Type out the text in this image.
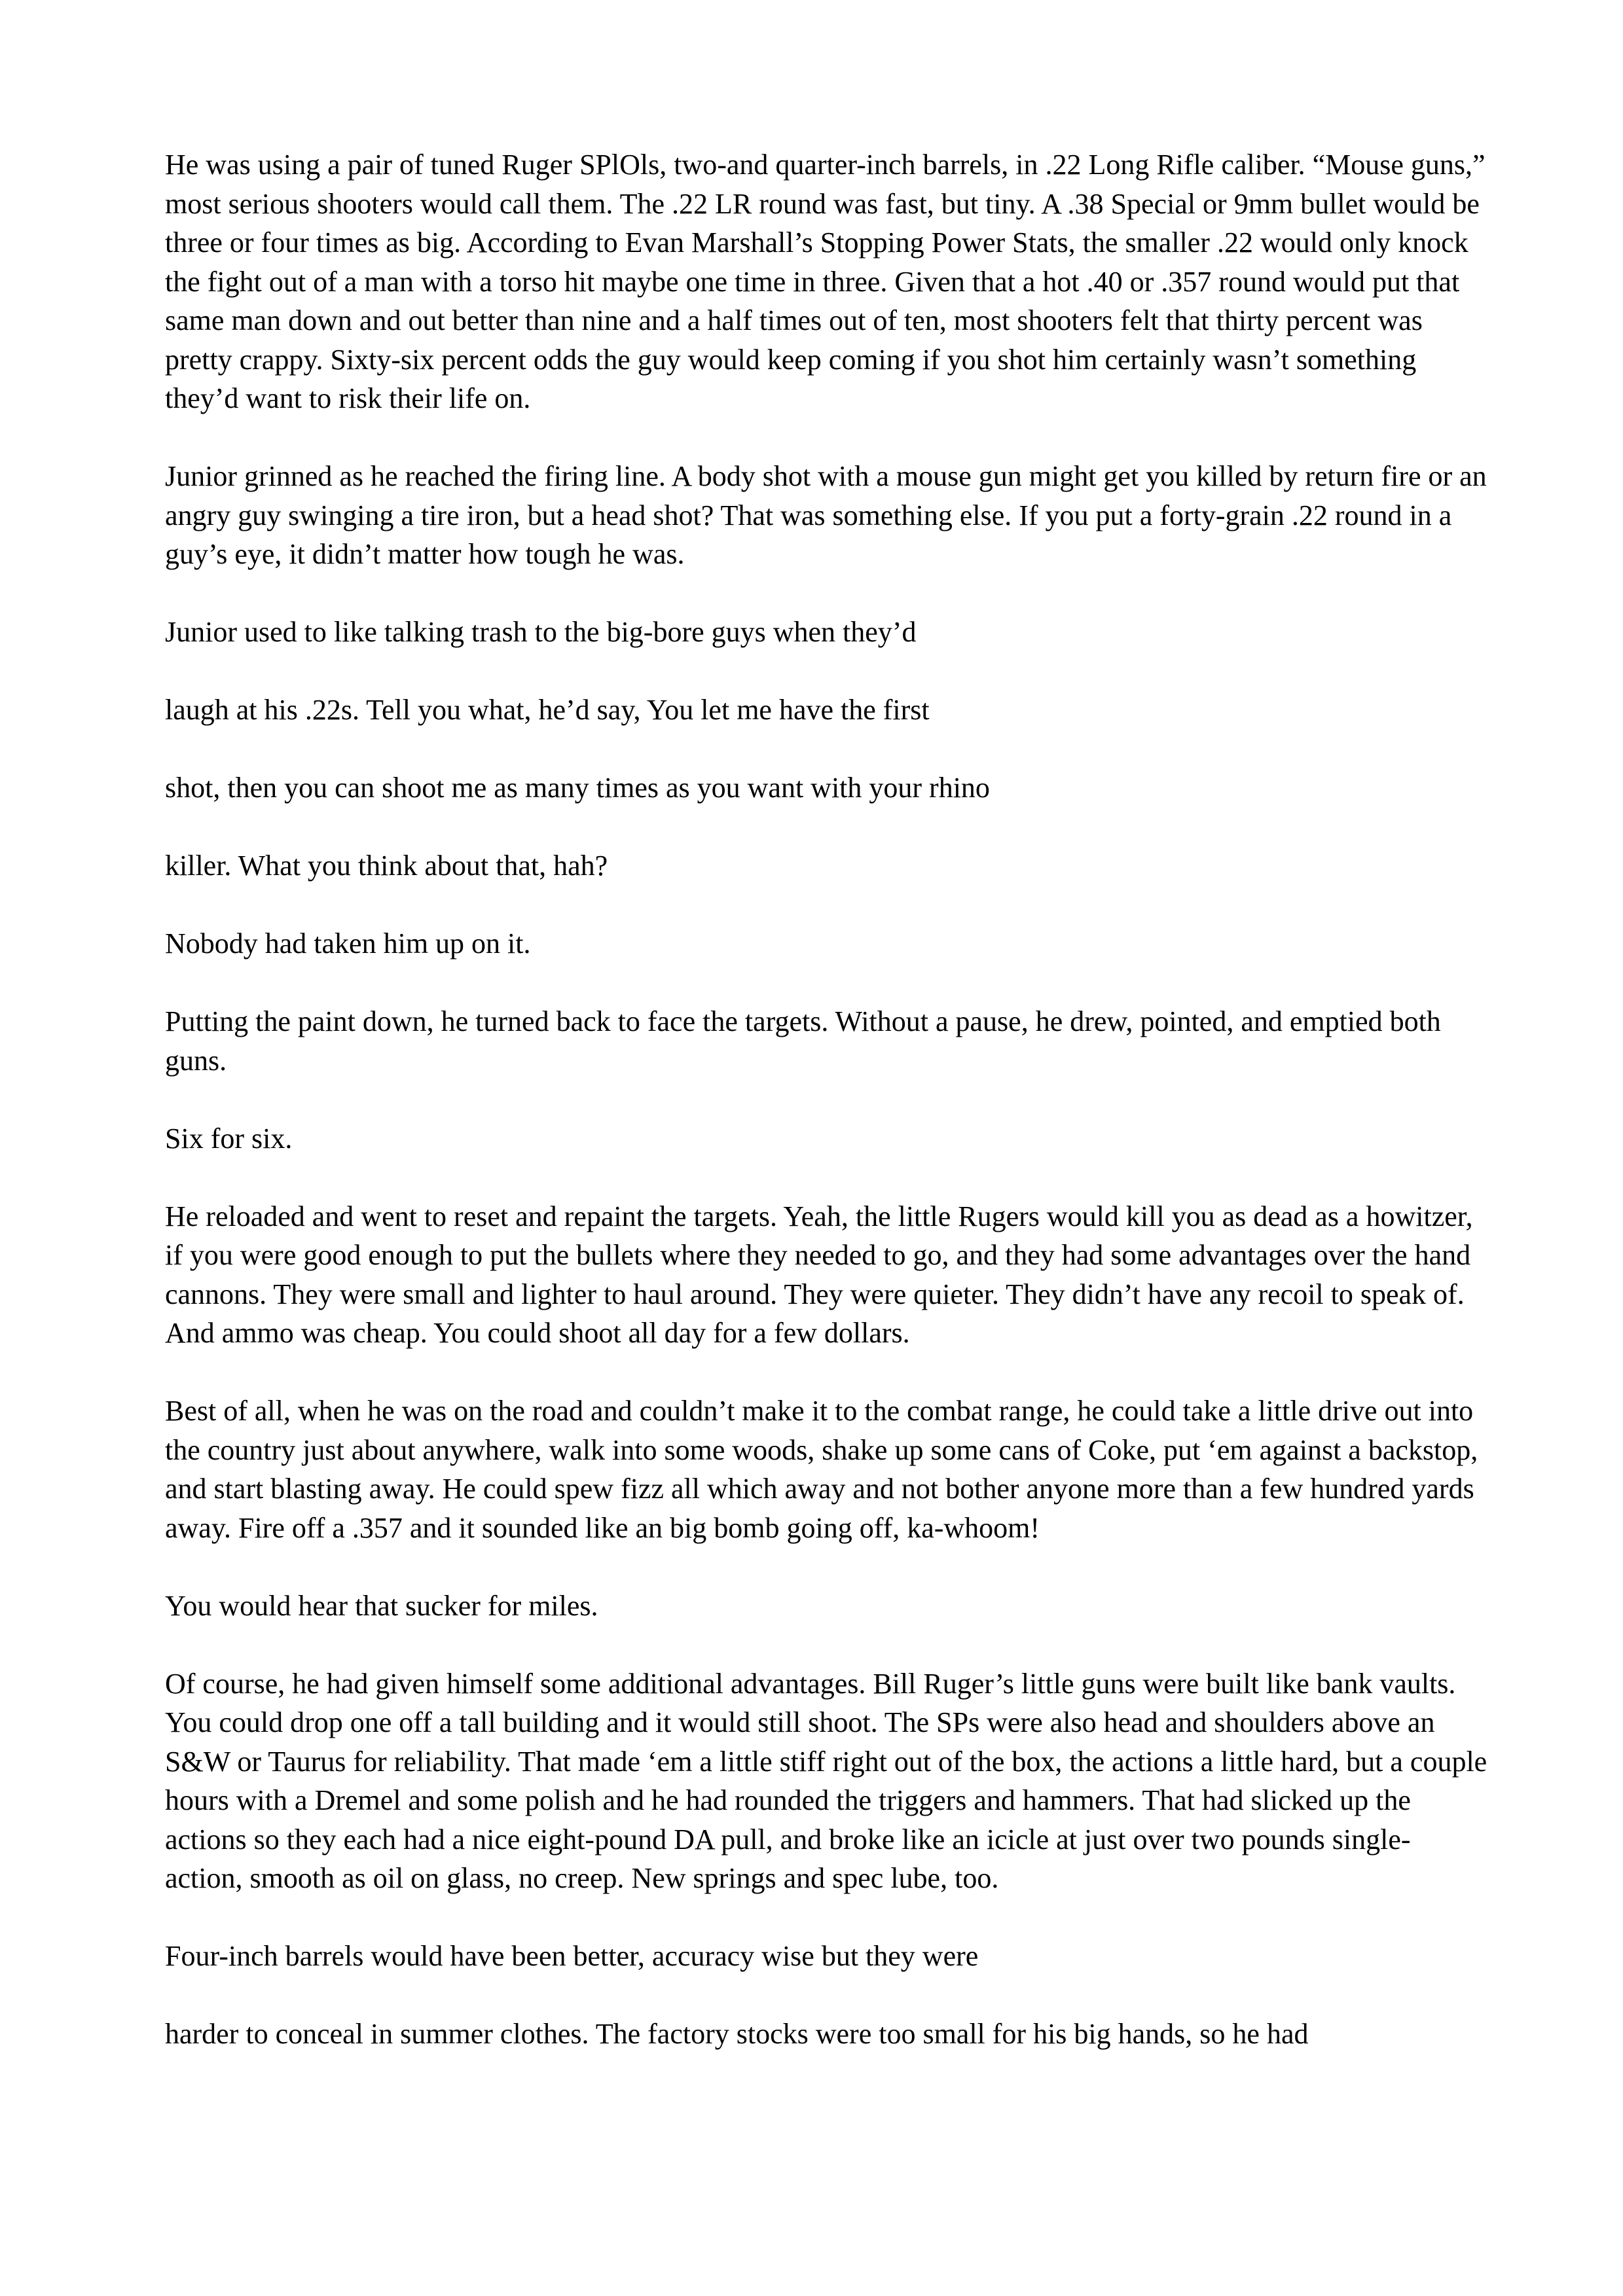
He was using a pair of tuned Ruger SPlOls, two-and quarter-inch barrels, in .22 Long Rifle caliber. “Mouse guns,” most serious shooters would call them. The .22 LR round was fast, but tiny. A .38 Special or 9mm bullet would be three or four times as big. According to Evan Marshall’s Stopping Power Stats, the smaller .22 would only knock the fight out of a man with a torso hit maybe one time in three. Given that a hot .40 or .357 round would put that same man down and out better than nine and a half times out of ten, most shooters felt that thirty percent was pretty crappy. Sixty-six percent odds the guy would keep coming if you shot him certainly wasn’t something they’d want to risk their life on.

Junior grinned as he reached the firing line. A body shot with a mouse gun might get you killed by return fire or an angry guy swinging a tire iron, but a head shot? That was something else. If you put a forty-grain .22 round in a guy’s eye, it didn’t matter how tough he was.

Junior used to like talking trash to the big-bore guys when they’d

laugh at his .22s. Tell you what, he’d say, You let me have the first

shot, then you can shoot me as many times as you want with your rhino

killer. What you think about that, hah?

Nobody had taken him up on it.

Putting the paint down, he turned back to face the targets. Without a pause, he drew, pointed, and emptied both guns.

Six for six.

He reloaded and went to reset and repaint the targets. Yeah, the little Rugers would kill you as dead as a howitzer, if you were good enough to put the bullets where they needed to go, and they had some advantages over the hand cannons. They were small and lighter to haul around. They were quieter. They didn’t have any recoil to speak of. And ammo was cheap. You could shoot all day for a few dollars.

Best of all, when he was on the road and couldn’t make it to the combat range, he could take a little drive out into the country just about anywhere, walk into some woods, shake up some cans of Coke, put ‘em against a backstop, and start blasting away. He could spew fizz all which away and not bother anyone more than a few hundred yards away. Fire off a .357 and it sounded like an big bomb going off, ka-whoom!

You would hear that sucker for miles.

Of course, he had given himself some additional advantages. Bill Ruger’s little guns were built like bank vaults. You could drop one off a tall building and it would still shoot. The SPs were also head and shoulders above an S&W or Taurus for reliability. That made ‘em a little stiff right out of the box, the actions a little hard, but a couple hours with a Dremel and some polish and he had rounded the triggers and hammers. That had slicked up the actions so they each had a nice eight-pound DA pull, and broke like an icicle at just over two pounds single-action, smooth as oil on glass, no creep. New springs and spec lube, too.

Four-inch barrels would have been better, accuracy wise but they were

harder to conceal in summer clothes. The factory stocks were too small for his big hands, so he had
